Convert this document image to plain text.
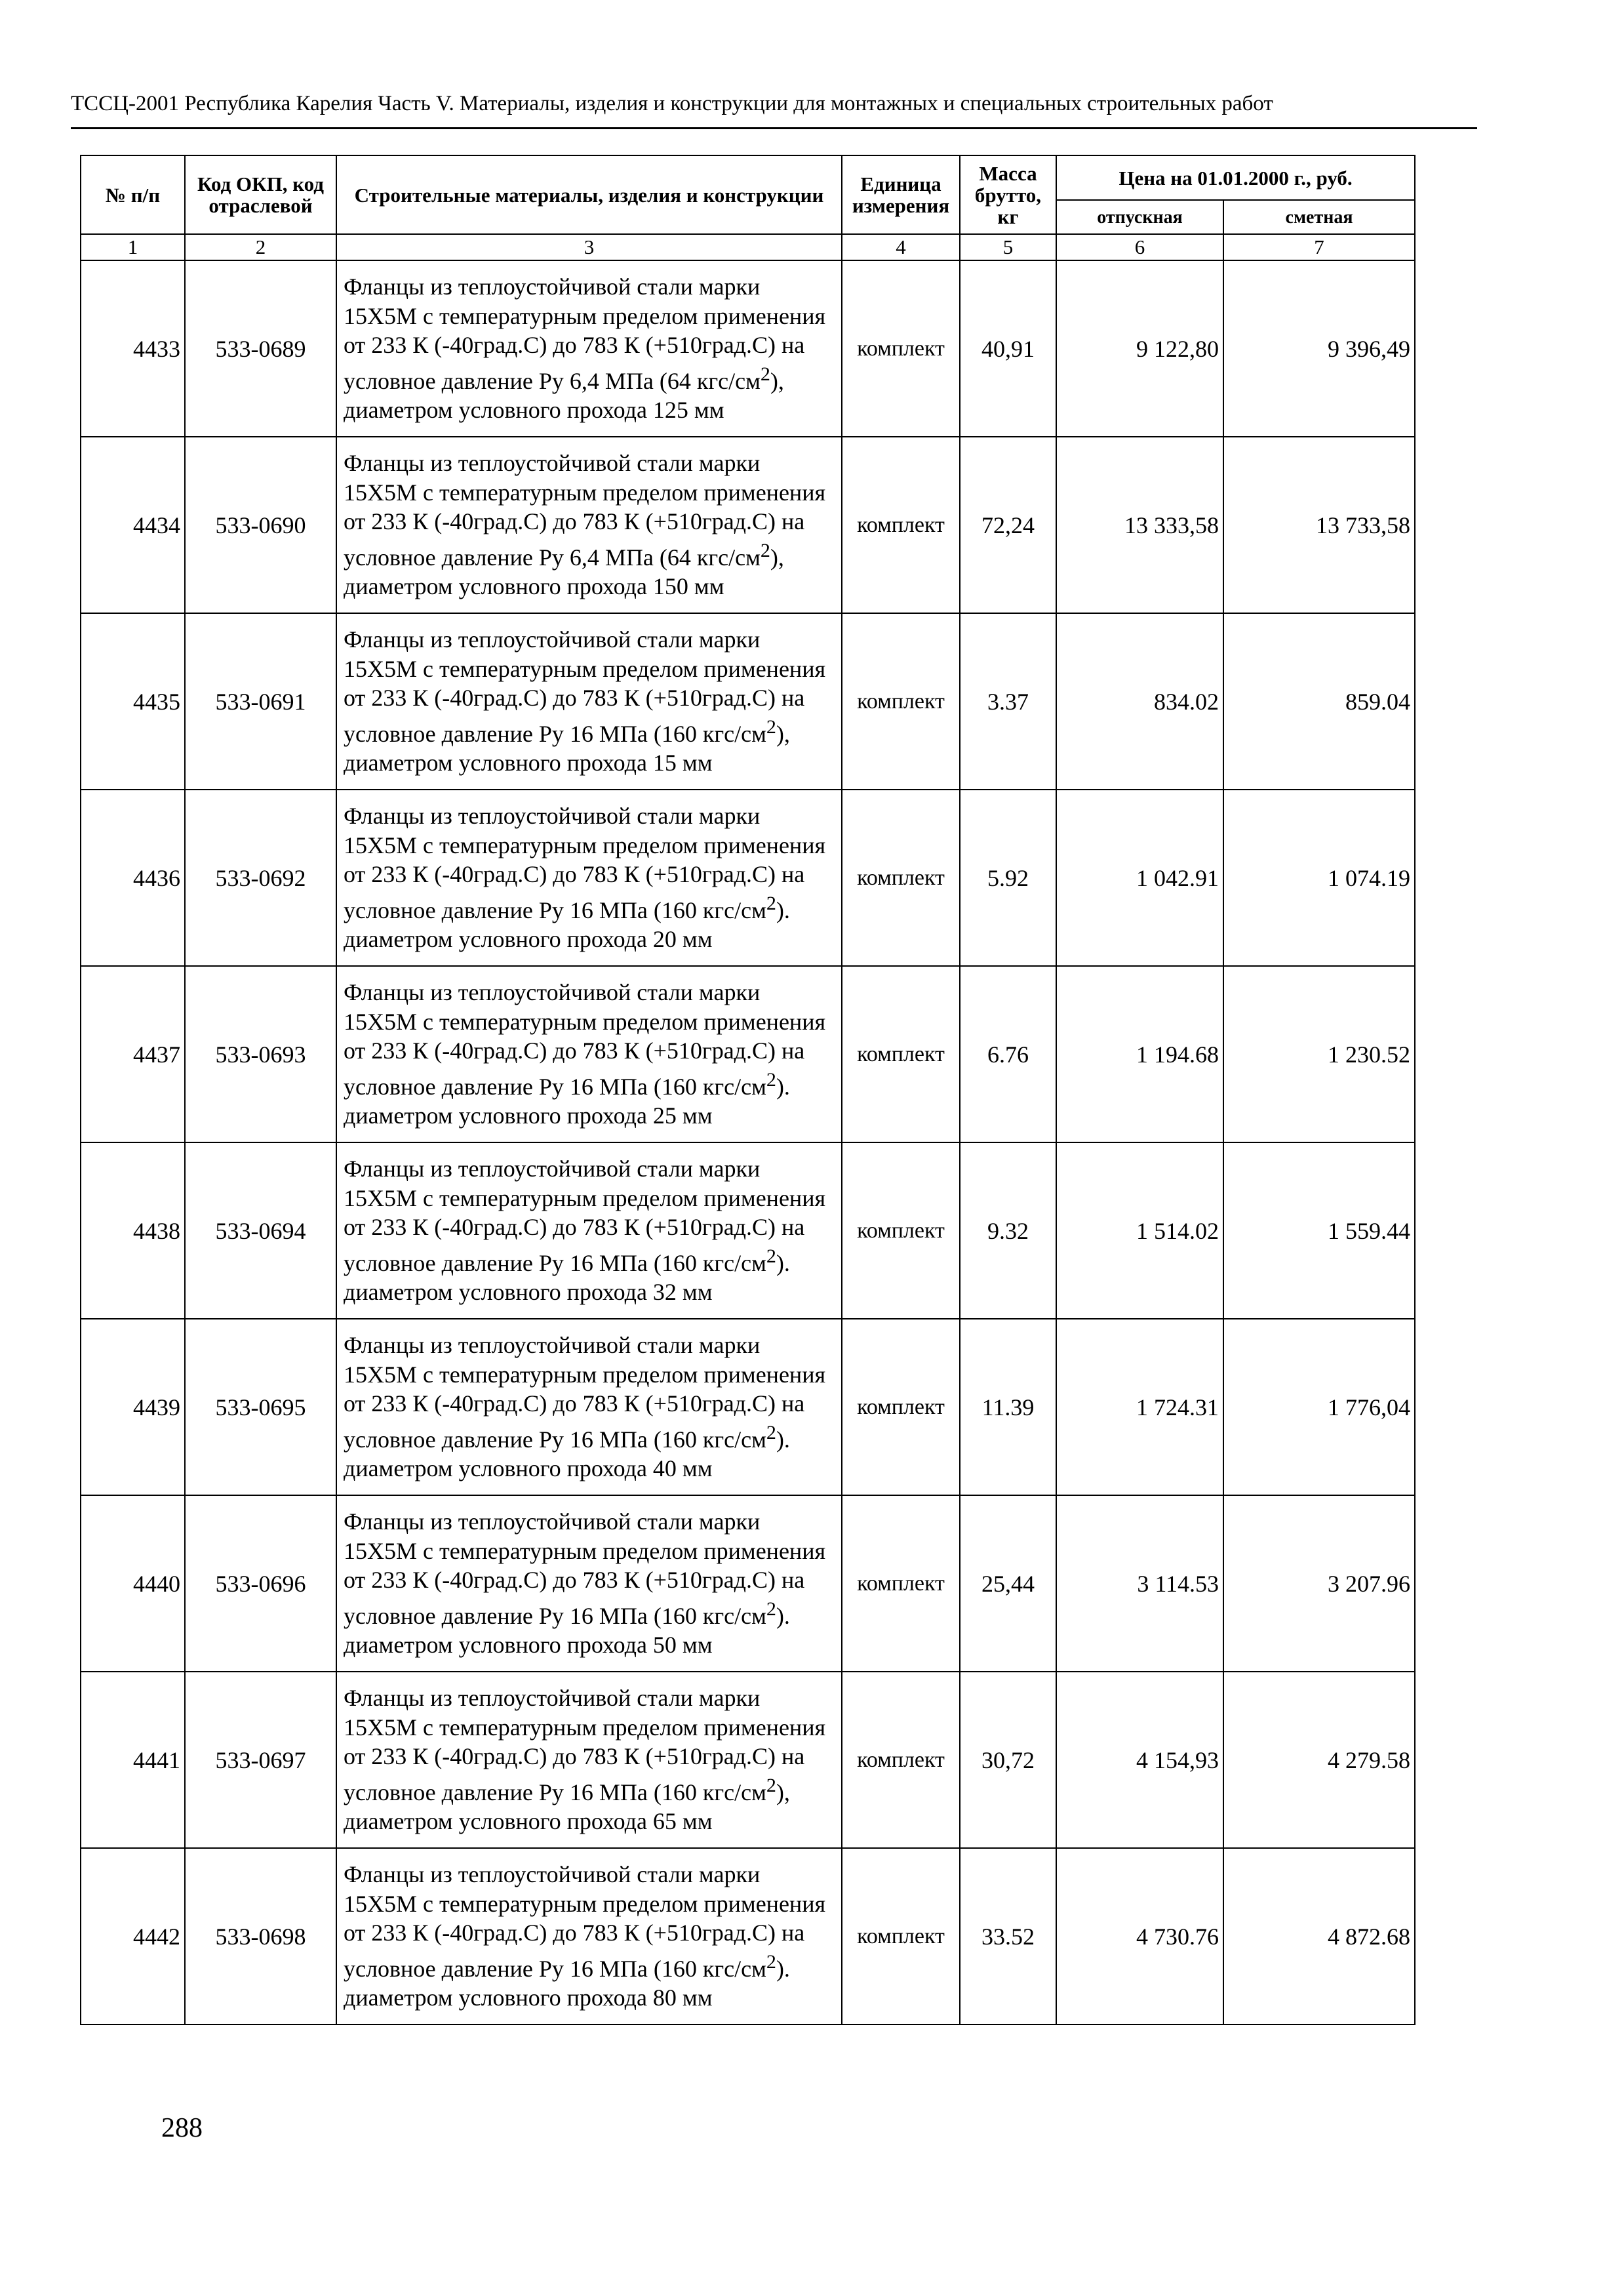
ТССЦ-2001 Республика Карелия Часть V. Материалы, изделия и конструкции для монтажных и специальных строительных работ
№ п/п	Код ОКП, код отраслевой	Строительные материалы, изделия и конструкции	Единица измерения	Масса брутто, кг	Цена на 01.01.2000 г., руб.	
					отпускная	сметная
1	2	3	4	5	6	7
4433	533-0689	Фланцы из теплоустойчивой стали марки 15Х5М с температурным пределом применения от 233 К (-40град.С) до 783 К (+510град.С) на условное давление Ру 6,4 МПа (64 кгс/$см^2$), диаметром условного прохода 125 мм	комплект	40,91	9 122,80	9 396,49
4434	533-0690	Фланцы из теплоустойчивой стали марки 15Х5М с температурным пределом применения от 233 К (-40град.С) до 783 К (+510град.С) на условное давление Ру 6,4 МПа (64 кгс/$см^2$), диаметром условного прохода 150 мм	комплект	72,24	13 333,58	13 733,58
4435	533-0691	Фланцы из теплоустойчивой стали марки 15Х5М с температурным пределом применения от 233 К (-40град.С) до 783 К (+510град.С) на условное давление Ру 16 МПа (160 кгс/$см^2$), диаметром условного прохода 15 мм	комплект	3.37	834.02	859.04
4436	533-0692	Фланцы из теплоустойчивой стали марки 15Х5М с температурным пределом применения от 233 К (-40град.С) до 783 К (+510град.С) на условное давление Ру 16 МПа (160 кгс/$см^2$). диаметром условного прохода 20 мм	комплект	5.92	1 042.91	1 074.19
4437	533-0693	Фланцы из теплоустойчивой стали марки 15Х5М с температурным пределом применения от 233 К (-40град.С) до 783 К (+510град.С) на условное давление Ру 16 МПа (160 кгс/$см^2$). диаметром условного прохода 25 мм	комплект	6.76	1 194.68	1 230.52
4438	533-0694	Фланцы из теплоустойчивой стали марки 15Х5М с температурным пределом применения от 233 К (-40град.С) до 783 К (+510град.С) на условное давление Ру 16 МПа (160 кгс/$см^2$). диаметром условного прохода 32 мм	комплект	9.32	1 514.02	1 559.44
4439	533-0695	Фланцы из теплоустойчивой стали марки 15Х5М с температурным пределом применения от 233 К (-40град.С) до 783 К (+510град.С) на условное давление Ру 16 МПа (160 кгс/$см^2$). диаметром условного прохода 40 мм	комплект	11.39	1 724.31	1 776,04
4440	533-0696	Фланцы из теплоустойчивой стали марки 15Х5М с температурным пределом применения от 233 К (-40град.С) до 783 К (+510град.С) на условное давление Ру 16 МПа (160 кгс/$см^2$). диаметром условного прохода 50 мм	комплект	25,44	3 114.53	3 207.96
4441	533-0697	Фланцы из теплоустойчивой стали марки 15Х5М с температурным пределом применения от 233 К (-40град.С) до 783 К (+510град.С) на условное давление Ру 16 МПа (160 кгс/$см^2$), диаметром условного прохода 65 мм	комплект	30,72	4 154,93	4 279.58
4442	533-0698	Фланцы из теплоустойчивой стали марки 15Х5М с температурным пределом применения от 233 К (-40град.С) до 783 К (+510град.С) на условное давление Ру 16 МПа (160 кгс/$см^2$). диаметром условного прохода 80 мм	комплект	33.52	4 730.76	4 872.68
288
